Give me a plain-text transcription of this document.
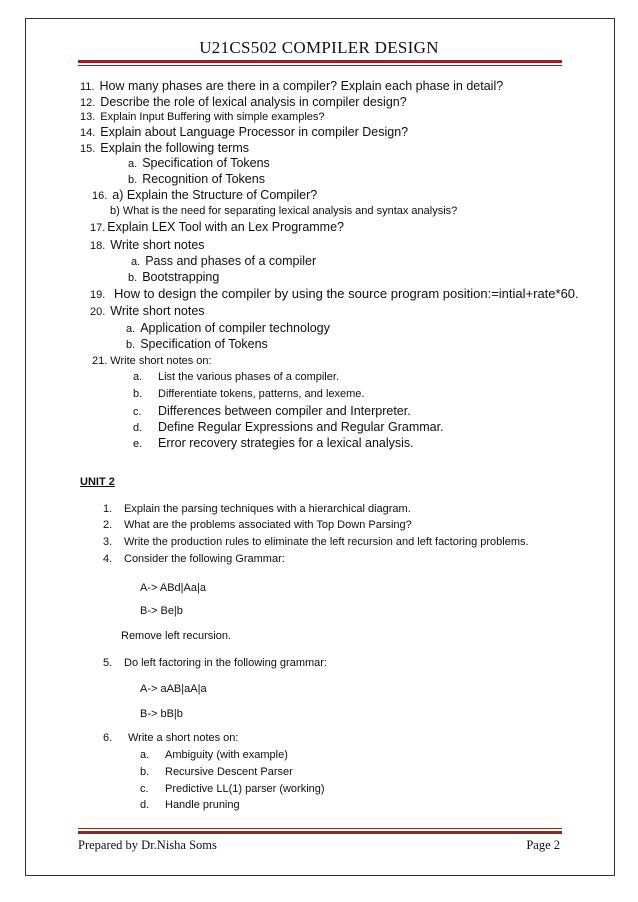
U21CS502 COMPILER DESIGN
11. How many phases are there in a compiler? Explain each phase in detail?
12. Describe the role of lexical analysis in compiler design?
13. Explain Input Buffering with simple examples?
14. Explain about Language Processor in compiler Design?
15. Explain the following terms
a. Specification of Tokens
b. Recognition of Tokens
16. a) Explain the Structure of Compiler?
b) What is the need for separating lexical analysis and syntax analysis?
17. Explain LEX Tool with an Lex Programme?
18. Write short notes
a. Pass and phases of a compiler
b. Bootstrapping
19. How to design the compiler by using the source program position:=intial+rate*60.
20. Write short notes
a. Application of compiler technology
b. Specification of Tokens
21. Write short notes on:
a. List the various phases of a compiler.
b. Differentiate tokens, patterns, and lexeme.
c. Differences between compiler and Interpreter.
d. Define Regular Expressions and Regular Grammar.
e. Error recovery strategies for a lexical analysis.
UNIT 2
1. Explain the parsing techniques with a hierarchical diagram.
2. What are the problems associated with Top Down Parsing?
3. Write the production rules to eliminate the left recursion and left factoring problems.
4. Consider the following Grammar:
A-> ABd|Aa|a
B-> Be|b
Remove left recursion.
5. Do left factoring in the following grammar:
A-> aAB|aA|a
B-> bB|b
6. Write a short notes on:
a. Ambiguity (with example)
b. Recursive Descent Parser
c. Predictive LL(1) parser (working)
d. Handle pruning
Prepared by Dr.Nisha Soms	Page 2
